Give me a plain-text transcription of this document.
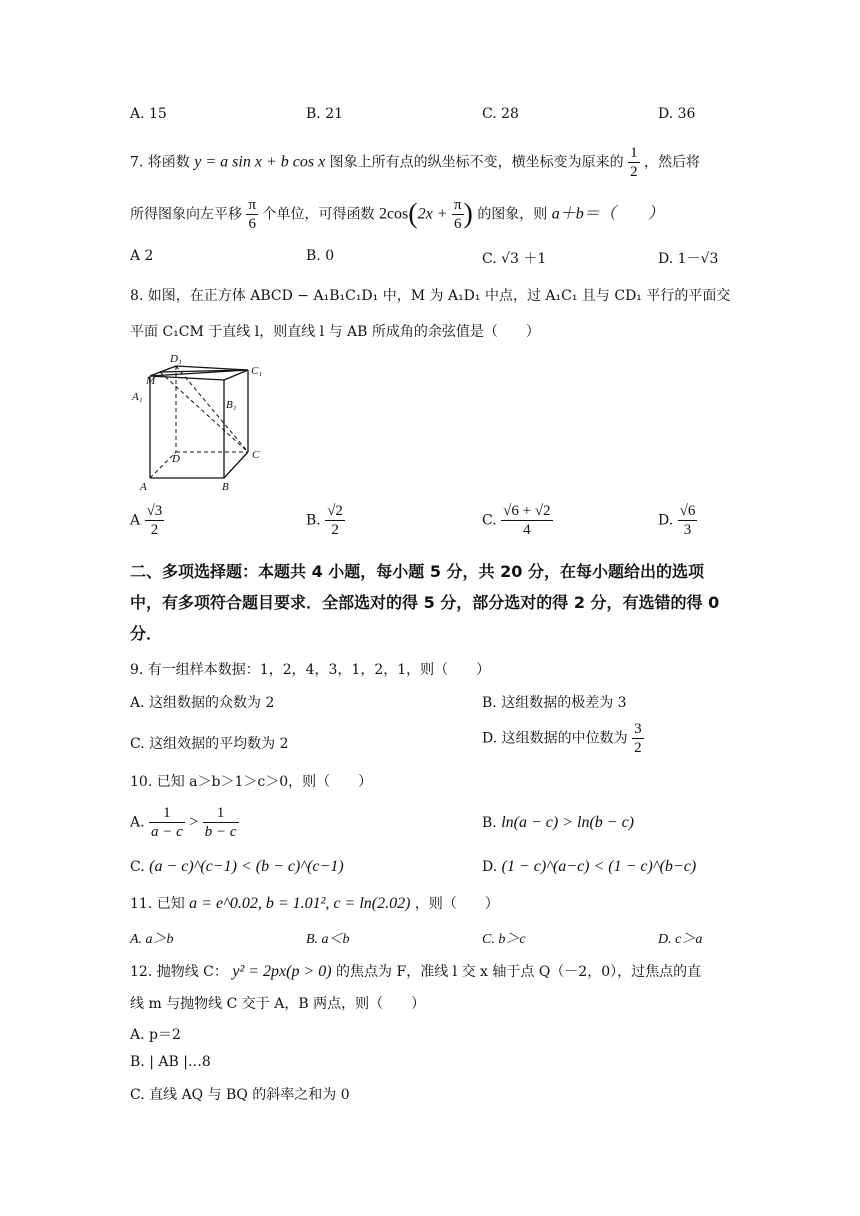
A. 15	B. 21	C. 28	D. 36
7. 将函数 y = a sin x + b cos x 图象上所有点的纵坐标不变，横坐标变为原来的 $\frac{1}{2}$ ，然后将
所得图象向左平移 $\frac{\pi}{6}$ 个单位，可得函数 $2\cos(2x + \frac{\pi}{6}$ ) 的图象，则 a＋b＝（　　）
A 2	B. 0	C. √3 ＋1	D. 1－√3
8. 如图，在正方体 ABCD − A₁B₁C₁D₁ 中，M 为 A₁D₁ 中点，过 A₁C₁ 且与 CD₁ 平行的平面交
平面 C₁CM 于直线 l，则直线 l 与 AB 所成角的余弦值是（　　）
D₁
C₁
M
A₁
B₁
D	C
A	B
A $\frac{√3}{2}$	B. $\frac{√2}{2}$	C. $\frac{√6 + √2}{4}$	D. $\frac{√6}{3}$
二、多项选择题：本题共 4 小题，每小题 5 分，共 20 分，在每小题给出的选项中，有多项符合题目要求．全部选对的得 5 分，部分选对的得 2 分，有选错的得 0 分．
9. 有一组样本数据：1，2，4，3，1，2，1，则（　　）
A. 这组数据的众数为 2	B. 这组数据的极差为 3
C. 这组效据的平均数为 2	D. 这组数据的中位数为 $\frac{3}{2}$
10. 已知 a＞b＞1＞c＞0，则（　　）
A. $\frac{1}{a - c} > \frac{1}{b - c}$	B. ln(a − c) > ln(b − c)
C. (a − c)^(c−1) < (b − c)^(c−1)	D. (1 − c)^(a−c) < (1 − c)^(b−c)
11. 已知 a = e^0.02, b = 1.01², c = ln(2.02) ，则（　　）
A. a＞b	B. a＜b	C. b＞c	D. c＞a
12. 抛物线 C： y² = 2px(p > 0) 的焦点为 F，准线 l 交 x 轴于点 Q（－2，0），过焦点的直
线 m 与抛物线 C 交于 A，B 两点，则（　　）
A. p＝2
B. | AB |…8
C. 直线 AQ 与 BQ 的斜率之和为 0
